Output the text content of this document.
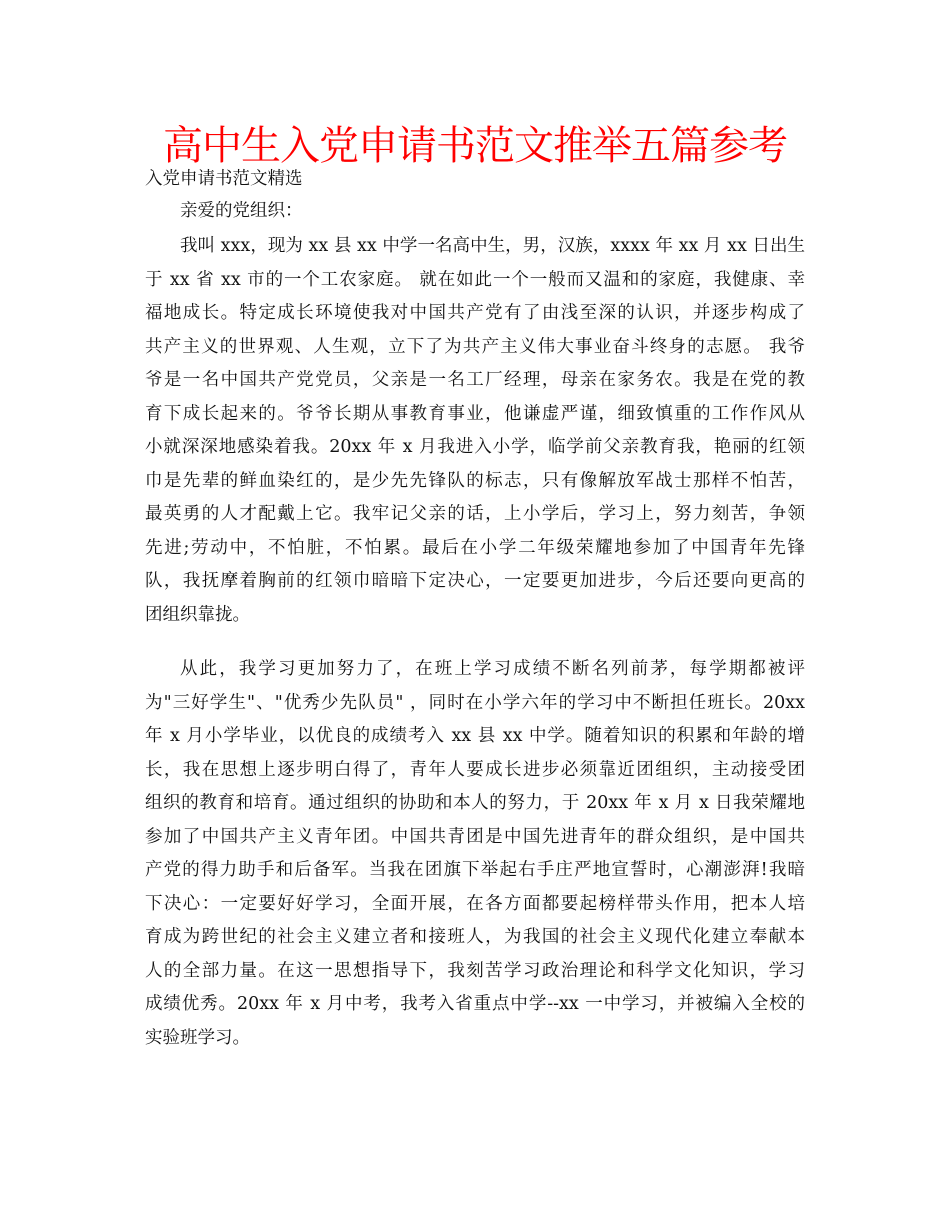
高中生入党申请书范文推举五篇参考
入党申请书范文精选
亲爱的党组织：
我叫 xxx，现为 xx 县 xx 中学一名高中生，男，汉族，xxxx 年 xx 月 xx 日出生
于 xx 省 xx 市的一个工农家庭。 就在如此一个一般而又温和的家庭，我健康、幸
福地成长。特定成长环境使我对中国共产党有了由浅至深的认识，并逐步构成了
共产主义的世界观、人生观，立下了为共产主义伟大事业奋斗终身的志愿。 我爷
爷是一名中国共产党党员，父亲是一名工厂经理，母亲在家务农。我是在党的教
育下成长起来的。爷爷长期从事教育事业，他谦虚严谨，细致慎重的工作作风从
小就深深地感染着我。20xx 年 x 月我进入小学，临学前父亲教育我，艳丽的红领
巾是先辈的鲜血染红的，是少先先锋队的标志，只有像解放军战士那样不怕苦，
最英勇的人才配戴上它。我牢记父亲的话，上小学后，学习上，努力刻苦，争领
先进;劳动中，不怕脏，不怕累。最后在小学二年级荣耀地参加了中国青年先锋
队，我抚摩着胸前的红领巾暗暗下定决心，一定要更加进步，今后还要向更高的
团组织靠拢。
从此，我学习更加努力了，在班上学习成绩不断名列前茅，每学期都被评
为"三好学生"、"优秀少先队员" ，同时在小学六年的学习中不断担任班长。20xx
年 x 月小学毕业，以优良的成绩考入 xx 县 xx 中学。随着知识的积累和年龄的增
长，我在思想上逐步明白得了，青年人要成长进步必须靠近团组织，主动接受团
组织的教育和培育。通过组织的协助和本人的努力，于 20xx 年 x 月 x 日我荣耀地
参加了中国共产主义青年团。中国共青团是中国先进青年的群众组织，是中国共
产党的得力助手和后备军。当我在团旗下举起右手庄严地宣誓时，心潮澎湃!我暗
下决心：一定要好好学习，全面开展，在各方面都要起榜样带头作用，把本人培
育成为跨世纪的社会主义建立者和接班人，为我国的社会主义现代化建立奉献本
人的全部力量。在这一思想指导下，我刻苦学习政治理论和科学文化知识，学习
成绩优秀。20xx 年 x 月中考，我考入省重点中学--xx 一中学习，并被编入全校的
实验班学习。
